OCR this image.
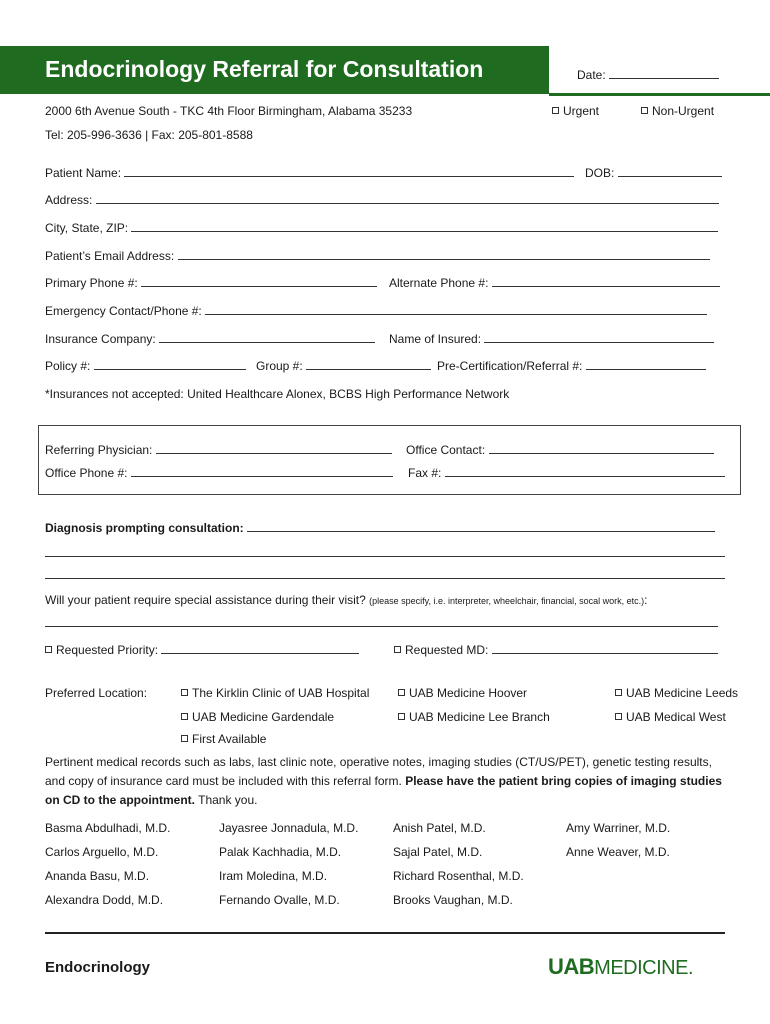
Endocrinology Referral for Consultation	Date:
2000 6th Avenue South - TKC 4th Floor Birmingham, Alabama 35233
Tel: 205-996-3636 | Fax: 205-801-8588
Urgent	Non-Urgent
Patient Name:	DOB:
Address:
City, State, ZIP:
Patient’s Email Address:
Primary Phone #:	Alternate Phone #:
Emergency Contact/Phone #:
Insurance Company:	Name of Insured:
Policy #:	Group #:	Pre-Certification/Referral #:
*Insurances not accepted: United Healthcare Alonex, BCBS High Performance Network
Referring Physician:	Office Contact:
Office Phone #:	Fax #:
Diagnosis prompting consultation:
Will your patient require special assistance during their visit? (please specify, i.e. interpreter, wheelchair, financial, socal work, etc.):
Requested Priority:	Requested MD:
Preferred Location:	The Kirklin Clinic of UAB Hospital	UAB Medicine Hoover	UAB Medicine Leeds
UAB Medicine Gardendale	UAB Medicine Lee Branch	UAB Medical West
First Available
Pertinent medical records such as labs, last clinic note, operative notes, imaging studies (CT/US/PET), genetic testing results, and copy of insurance card must be included with this referral form. Please have the patient bring copies of imaging studies on CD to the appointment. Thank you.
Basma Abdulhadi, M.D.	Jayasree Jonnadula, M.D.	Anish Patel, M.D.	Amy Warriner, M.D.
Carlos Arguello, M.D.	Palak Kachhadia, M.D.	Sajal Patel, M.D.	Anne Weaver, M.D.
Ananda Basu, M.D.	Iram Moledina, M.D.	Richard Rosenthal, M.D.
Alexandra Dodd, M.D.	Fernando Ovalle, M.D.	Brooks Vaughan, M.D.
Endocrinology	UABMEDICINE.
